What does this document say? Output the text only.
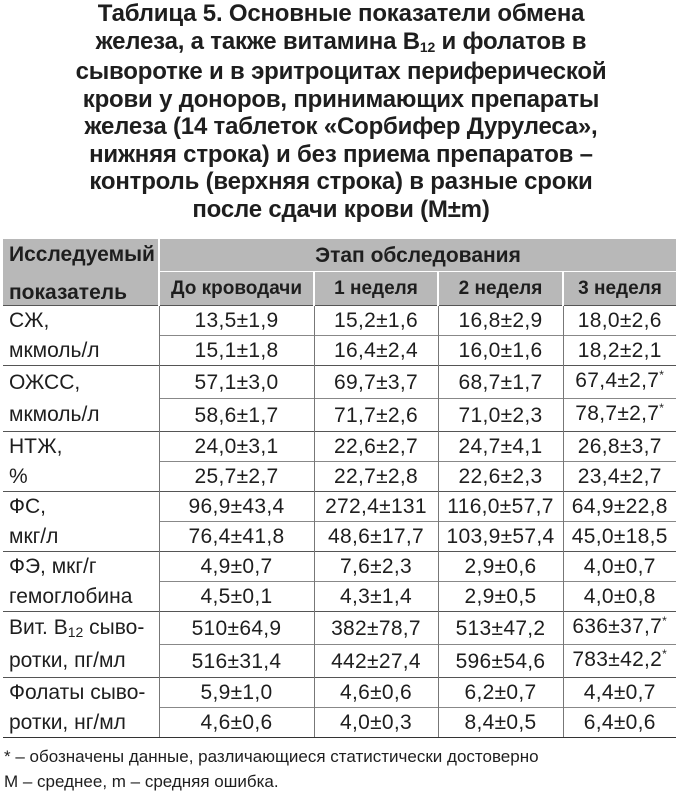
Таблица 5. Основные показатели обмена
железа, а также витамина B12 и фолатов в
сыворотке и в эритроцитах периферической
крови у доноров, принимающих препараты
железа (14 таблеток «Сорбифер Дурулеса»,
нижняя строка) и без приема препаратов –
контроль (верхняя строка) в разные сроки
после сдачи крови (M±m)
Исследуемый
показатель	Этап обследования			
	До кроводачи	1 неделя	2 неделя	3 неделя
СЖ,	13,5±1,9	15,2±1,6	16,8±2,9	18,0±2,6
мкмоль/л	15,1±1,8	16,4±2,4	16,0±1,6	18,2±2,1
ОЖСС,	57,1±3,0	69,7±3,7	68,7±1,7	67,4±2,7*
мкмоль/л	58,6±1,7	71,7±2,6	71,0±2,3	78,7±2,7*
НТЖ,	24,0±3,1	22,6±2,7	24,7±4,1	26,8±3,7
%	25,7±2,7	22,7±2,8	22,6±2,3	23,4±2,7
ФС,	96,9±43,4	272,4±131	116,0±57,7	64,9±22,8
мкг/л	76,4±41,8	48,6±17,7	103,9±57,4	45,0±18,5
ФЭ, мкг/г	4,9±0,7	7,6±2,3	2,9±0,6	4,0±0,7
гемоглобина	4,5±0,1	4,3±1,4	2,9±0,5	4,0±0,8
Вит. B12 сыво-	510±64,9	382±78,7	513±47,2	636±37,7*
ротки, пг/мл	516±31,4	442±27,4	596±54,6	783±42,2*
Фолаты сыво-	5,9±1,0	4,6±0,6	6,2±0,7	4,4±0,7
ротки, нг/мл	4,6±0,6	4,0±0,3	8,4±0,5	6,4±0,6
* – обозначены данные, различающиеся статистически достоверно
M – среднее, m – средняя ошибка.
